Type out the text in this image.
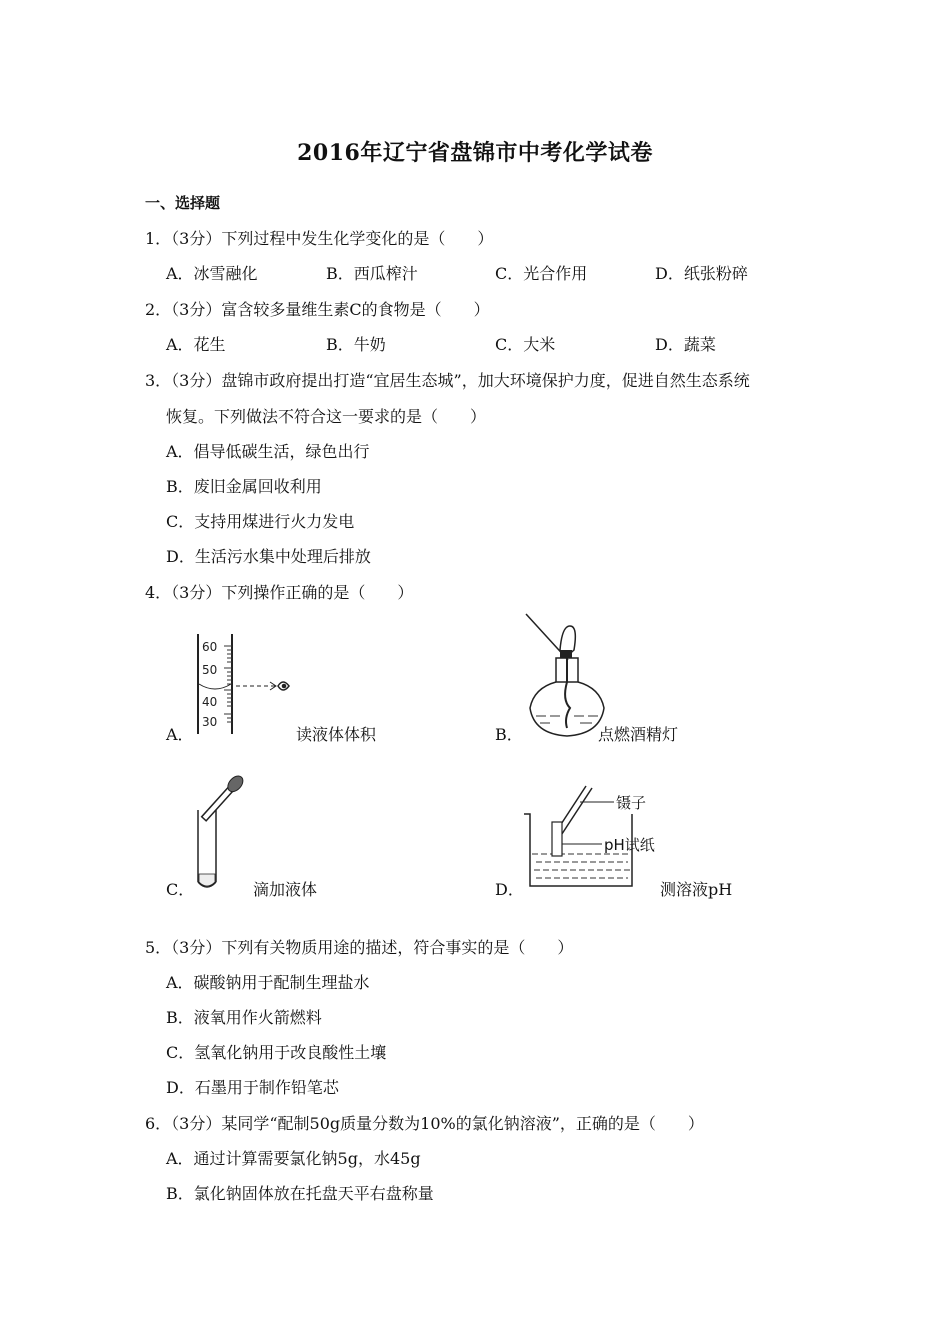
2016年辽宁省盘锦市中考化学试卷
一、选择题
1．（3分）下列过程中发生化学变化的是（　　）
A．冰雪融化	B．西瓜榨汁	C．光合作用	D．纸张粉碎
2．（3分）富含较多量维生素C的食物是（　　）
A．花生	B．牛奶	C．大米	D．蔬菜
3．（3分）盘锦市政府提出打造“宜居生态城”，加大环境保护力度，促进自然生态系统
恢复。下列做法不符合这一要求的是（　　）
A．倡导低碳生活，绿色出行
B．废旧金属回收利用
C．支持用煤进行火力发电
D．生活污水集中处理后排放
4．（3分）下列操作正确的是（　　）
60
50
40
30
镊子
pH试纸
A．	读液体体积	B．	点燃酒精灯
C．	滴加液体	D．	测溶液pH
5．（3分）下列有关物质用途的描述，符合事实的是（　　）
A．碳酸钠用于配制生理盐水
B．液氧用作火箭燃料
C．氢氧化钠用于改良酸性土壤
D．石墨用于制作铅笔芯
6．（3分）某同学“配制50g质量分数为10%的氯化钠溶液”，正确的是（　　）
A．通过计算需要氯化钠5g，水45g
B．氯化钠固体放在托盘天平右盘称量
